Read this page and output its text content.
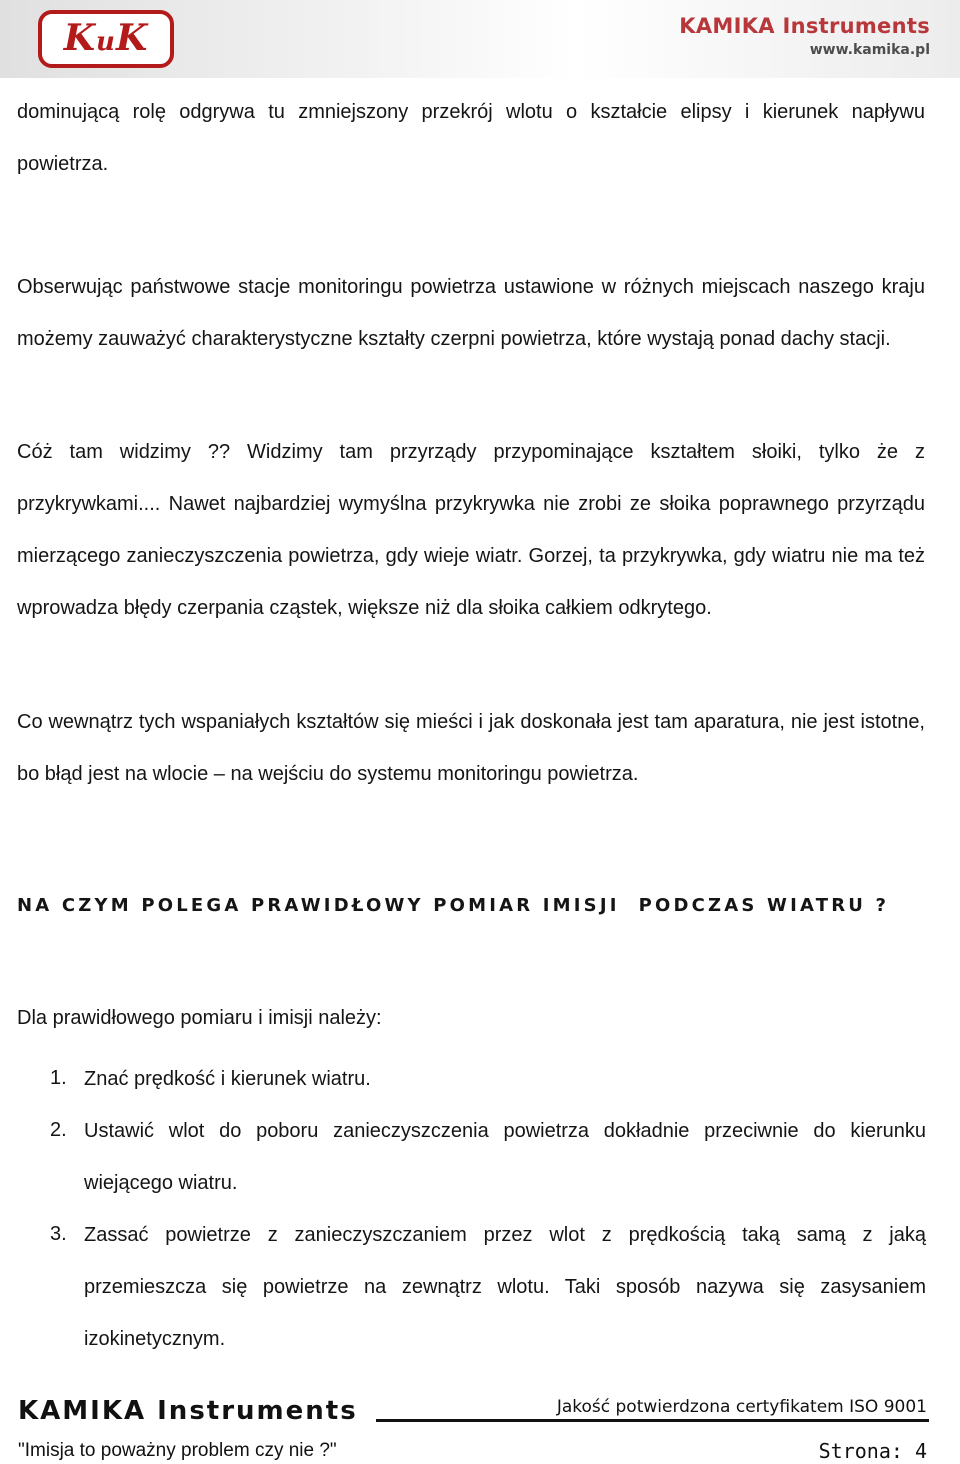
KuK	KAMIKA Instruments
www.kamika.pl
dominującą rolę odgrywa tu zmniejszony przekrój wlotu o kształcie elipsy i kierunek napływu powietrza.
Obserwując państwowe stacje monitoringu powietrza ustawione w różnych miejscach naszego kraju możemy zauważyć charakterystyczne kształty czerpni powietrza, które wystają ponad dachy stacji.
Cóż tam widzimy ?? Widzimy tam przyrządy przypominające kształtem słoiki, tylko że z przykrywkami.... Nawet najbardziej wymyślna przykrywka nie zrobi ze słoika poprawnego przyrządu mierzącego zanieczyszczenia powietrza, gdy wieje wiatr. Gorzej, ta przykrywka, gdy wiatru nie ma też wprowadza błędy czerpania cząstek, większe niż dla słoika całkiem odkrytego.
Co wewnątrz tych wspaniałych kształtów się mieści i jak doskonała jest tam aparatura, nie jest istotne, bo błąd jest na wlocie – na wejściu do systemu monitoringu powietrza.
NA CZYM POLEGA PRAWIDŁOWY POMIAR IMISJI  PODCZAS WIATRU ?
Dla prawidłowego pomiaru i imisji należy:
1. Znać prędkość i kierunek wiatru.
2. Ustawić wlot do poboru zanieczyszczenia powietrza dokładnie przeciwnie do kierunku wiejącego wiatru.
3. Zassać powietrze z zanieczyszczaniem przez wlot z prędkością taką samą z jaką przemieszcza się powietrze na zewnątrz wlotu. Taki sposób nazywa się zasysaniem izokinetycznym.
KAMIKA Instruments	Jakość potwierdzona certyfikatem ISO 9001
"Imisja to poważny problem czy nie ?"	Strona: 4
